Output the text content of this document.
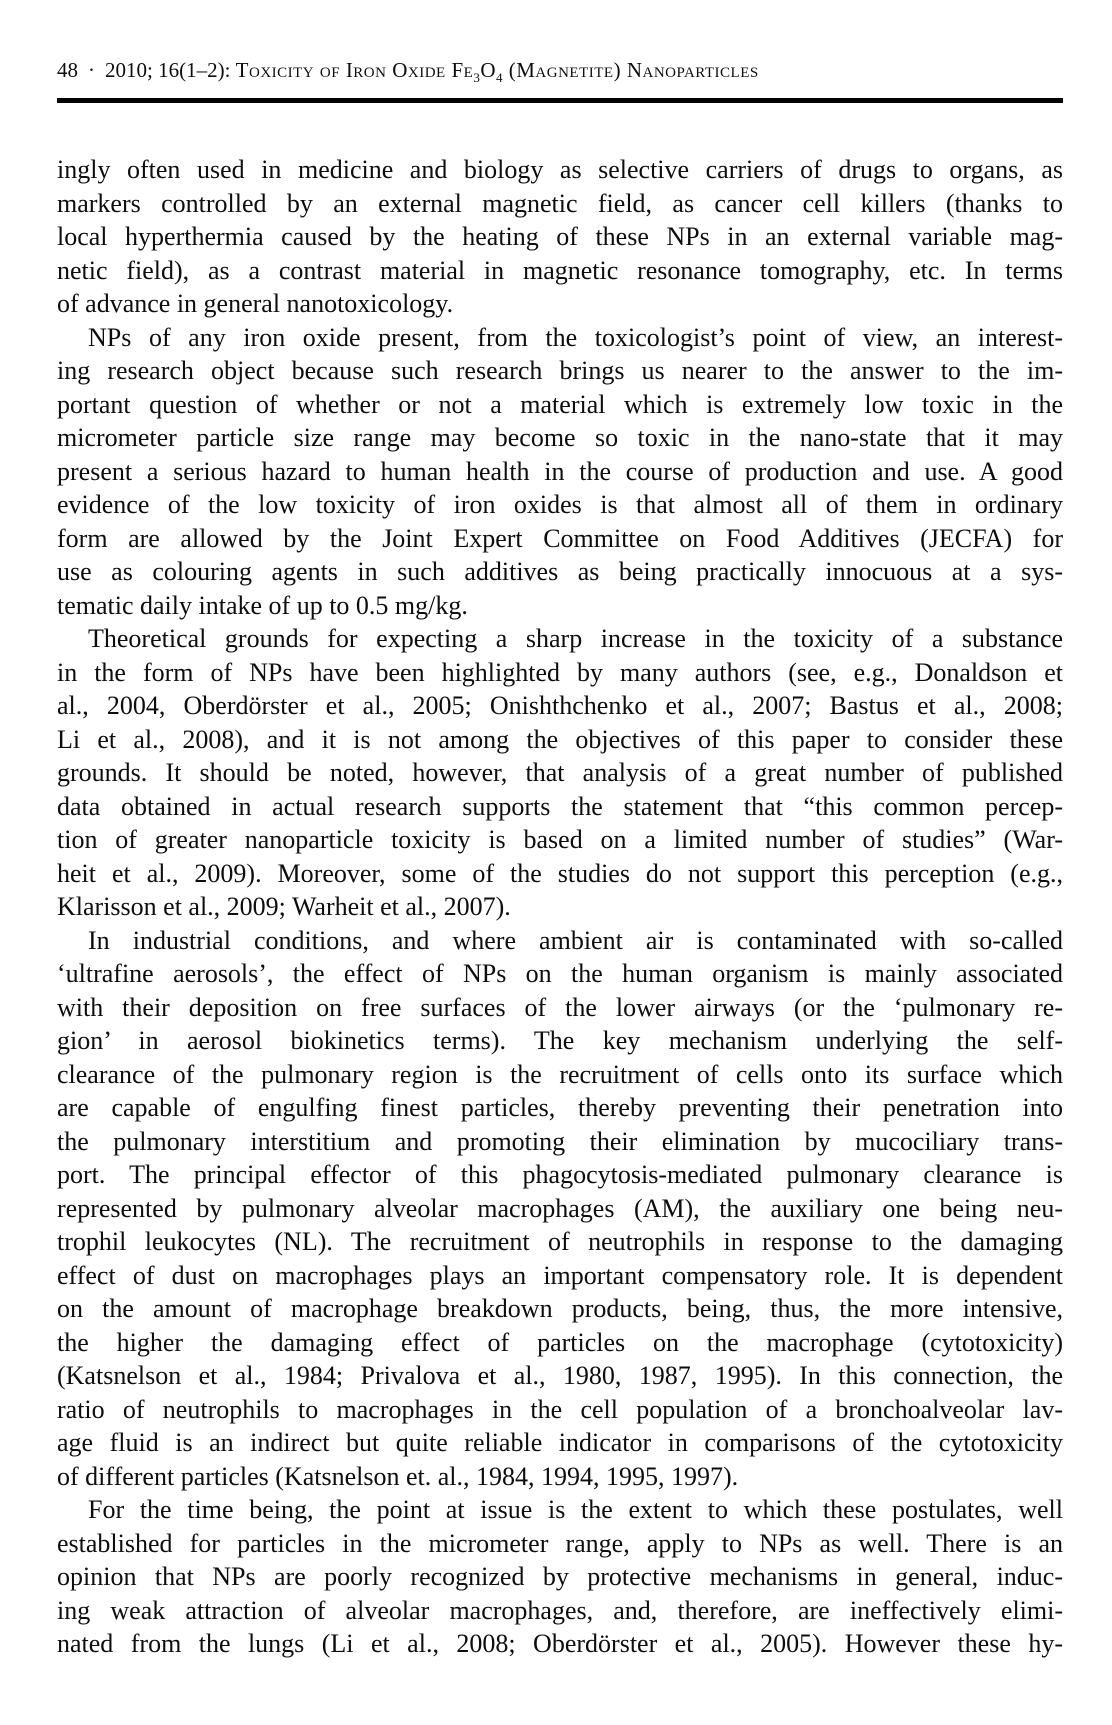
48 · 2010; 16(1–2): Toxicity of Iron Oxide $Fe_3O_4$ (Magnetite) Nanoparticles
ingly often used in medicine and biology as selective carriers of drugs to organs, as
markers controlled by an external magnetic field, as cancer cell killers (thanks to
local hyperthermia caused by the heating of these NPs in an external variable mag-
netic field), as a contrast material in magnetic resonance tomography, etc. In terms
of advance in general nanotoxicology.
NPs of any iron oxide present, from the toxicologist’s point of view, an interest-
ing research object because such research brings us nearer to the answer to the im-
portant question of whether or not a material which is extremely low toxic in the
micrometer particle size range may become so toxic in the nano-state that it may
present a serious hazard to human health in the course of production and use. A good
evidence of the low toxicity of iron oxides is that almost all of them in ordinary
form are allowed by the Joint Expert Committee on Food Additives (JECFA) for
use as colouring agents in such additives as being practically innocuous at a sys-
tematic daily intake of up to 0.5 mg/kg.
Theoretical grounds for expecting a sharp increase in the toxicity of a substance
in the form of NPs have been highlighted by many authors (see, e.g., Donaldson et
al., 2004, Oberdörster et al., 2005; Onishthchenko et al., 2007; Bastus et al., 2008;
Li et al., 2008), and it is not among the objectives of this paper to consider these
grounds. It should be noted, however, that analysis of a great number of published
data obtained in actual research supports the statement that “this common percep-
tion of greater nanoparticle toxicity is based on a limited number of studies” (War-
heit et al., 2009). Moreover, some of the studies do not support this perception (e.g.,
Klarisson et al., 2009; Warheit et al., 2007).
In industrial conditions, and where ambient air is contaminated with so-called
‘ultrafine aerosols’, the effect of NPs on the human organism is mainly associated
with their deposition on free surfaces of the lower airways (or the ‘pulmonary re-
gion’ in aerosol biokinetics terms). The key mechanism underlying the self-
clearance of the pulmonary region is the recruitment of cells onto its surface which
are capable of engulfing finest particles, thereby preventing their penetration into
the pulmonary interstitium and promoting their elimination by mucociliary trans-
port. The principal effector of this phagocytosis-mediated pulmonary clearance is
represented by pulmonary alveolar macrophages (AM), the auxiliary one being neu-
trophil leukocytes (NL). The recruitment of neutrophils in response to the damaging
effect of dust on macrophages plays an important compensatory role. It is dependent
on the amount of macrophage breakdown products, being, thus, the more intensive,
the higher the damaging effect of particles on the macrophage (cytotoxicity)
(Katsnelson et al., 1984; Privalova et al., 1980, 1987, 1995). In this connection, the
ratio of neutrophils to macrophages in the cell population of a bronchoalveolar lav-
age fluid is an indirect but quite reliable indicator in comparisons of the cytotoxicity
of different particles (Katsnelson et. al., 1984, 1994, 1995, 1997).
For the time being, the point at issue is the extent to which these postulates, well
established for particles in the micrometer range, apply to NPs as well. There is an
opinion that NPs are poorly recognized by protective mechanisms in general, induc-
ing weak attraction of alveolar macrophages, and, therefore, are ineffectively elimi-
nated from the lungs (Li et al., 2008; Oberdörster et al., 2005). However these hy-
